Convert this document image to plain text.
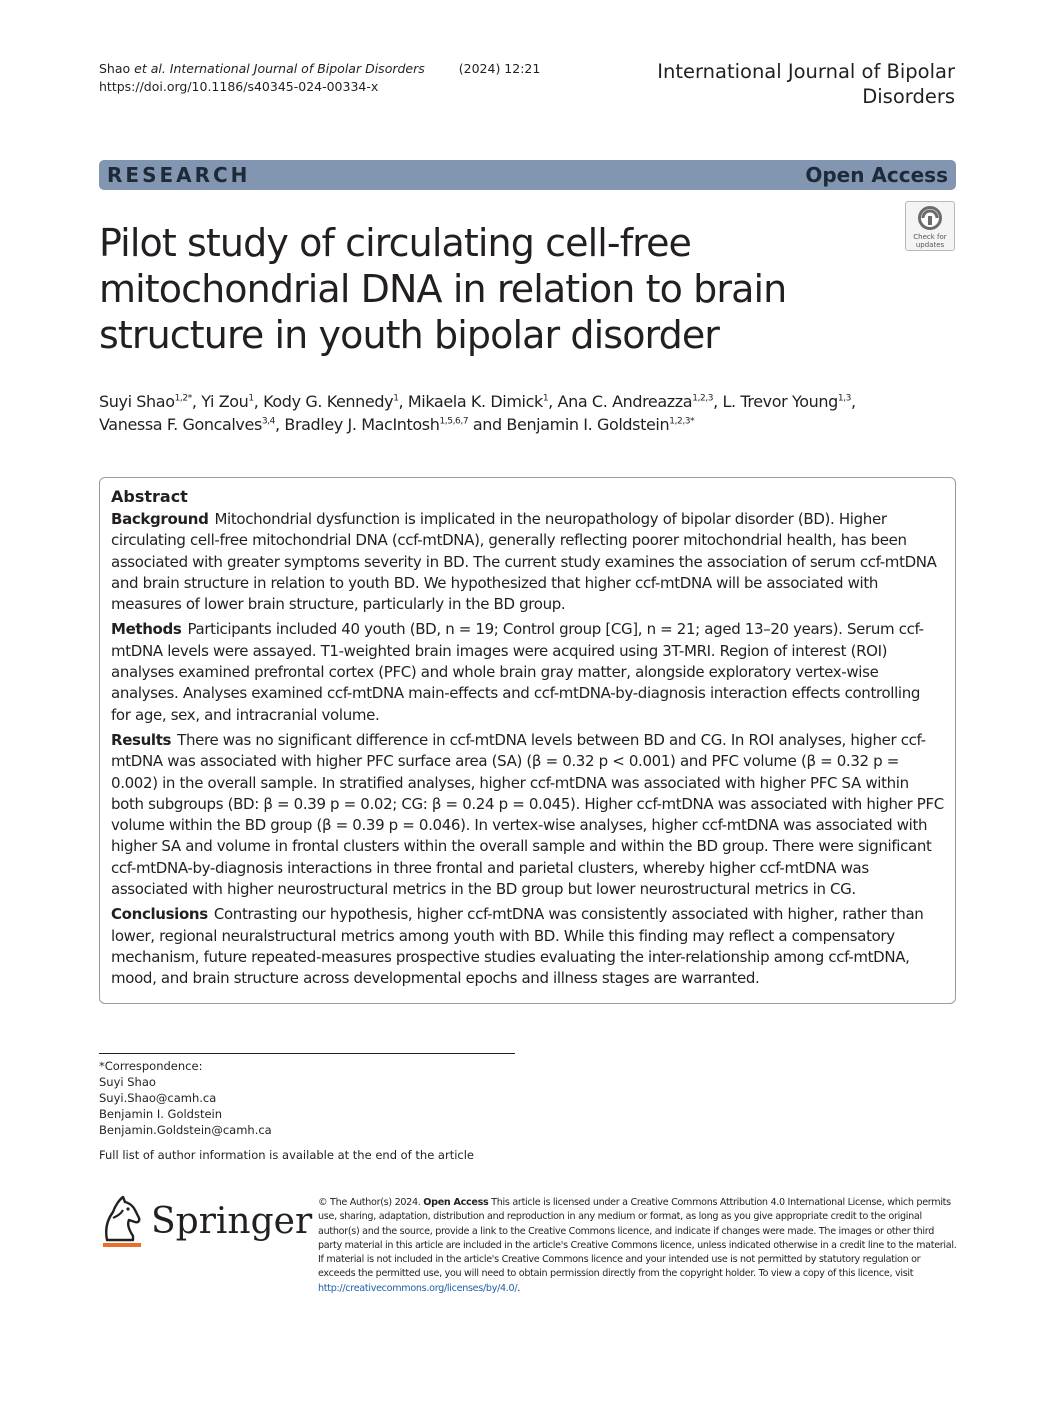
Shao et al. International Journal of Bipolar Disorders	(2024) 12:21
https://doi.org/10.1186/s40345-024-00334-x
International Journal of Bipolar Disorders
RESEARCH	Open Access
Check for updates
Pilot study of circulating cell-free mitochondrial DNA in relation to brain structure in youth bipolar disorder
Suyi Shao$^{1,2*}$, Yi Zou$^1$, Kody G. Kennedy$^1$, Mikaela K. Dimick$^1$, Ana C. Andreazza$^{1,2,3}$, L. Trevor Young$^{1,3}$,
Vanessa F. Goncalves$^{3,4}$, Bradley J. MacIntosh$^{1,5,6,7}$ and Benjamin I. Goldstein$^{1,2,3*}$
Abstract

Background Mitochondrial dysfunction is implicated in the neuropathology of bipolar disorder (BD). Higher circulating cell-free mitochondrial DNA (ccf-mtDNA), generally reflecting poorer mitochondrial health, has been associated with greater symptoms severity in BD. The current study examines the association of serum ccf-mtDNA and brain structure in relation to youth BD. We hypothesized that higher ccf-mtDNA will be associated with measures of lower brain structure, particularly in the BD group.

Methods Participants included 40 youth (BD, n = 19; Control group [CG], n = 21; aged 13–20 years). Serum ccf-mtDNA levels were assayed. T1-weighted brain images were acquired using 3T-MRI. Region of interest (ROI) analyses examined prefrontal cortex (PFC) and whole brain gray matter, alongside exploratory vertex-wise analyses. Analyses examined ccf-mtDNA main-effects and ccf-mtDNA-by-diagnosis interaction effects controlling for age, sex, and intracranial volume.

Results There was no significant difference in ccf-mtDNA levels between BD and CG. In ROI analyses, higher ccf-mtDNA was associated with higher PFC surface area (SA) (β = 0.32 p < 0.001) and PFC volume (β = 0.32 p = 0.002) in the overall sample. In stratified analyses, higher ccf-mtDNA was associated with higher PFC SA within both subgroups (BD: β = 0.39 p = 0.02; CG: β = 0.24 p = 0.045). Higher ccf-mtDNA was associated with higher PFC volume within the BD group (β = 0.39 p = 0.046). In vertex-wise analyses, higher ccf-mtDNA was associated with higher SA and volume in frontal clusters within the overall sample and within the BD group. There were significant ccf-mtDNA-by-diagnosis interactions in three frontal and parietal clusters, whereby higher ccf-mtDNA was associated with higher neurostructural metrics in the BD group but lower neurostructural metrics in CG.

Conclusions Contrasting our hypothesis, higher ccf-mtDNA was consistently associated with higher, rather than lower, regional neuralstructural metrics among youth with BD. While this finding may reflect a compensatory mechanism, future repeated-measures prospective studies evaluating the inter-relationship among ccf-mtDNA, mood, and brain structure across developmental epochs and illness stages are warranted.

*Correspondence:
Suyi Shao
Suyi.Shao@camh.ca
Benjamin I. Goldstein
Benjamin.Goldstein@camh.ca
Full list of author information is available at the end of the article
Springer © The Author(s) 2024. Open Access This article is licensed under a Creative Commons Attribution 4.0 International License, which permits use, sharing, adaptation, distribution and reproduction in any medium or format, as long as you give appropriate credit to the original author(s) and the source, provide a link to the Creative Commons licence, and indicate if changes were made. The images or other third party material in this article are included in the article's Creative Commons licence, unless indicated otherwise in a credit line to the material. If material is not included in the article's Creative Commons licence and your intended use is not permitted by statutory regulation or exceeds the permitted use, you will need to obtain permission directly from the copyright holder. To view a copy of this licence, visit http://creativecommons.org/licenses/by/4.0/.
